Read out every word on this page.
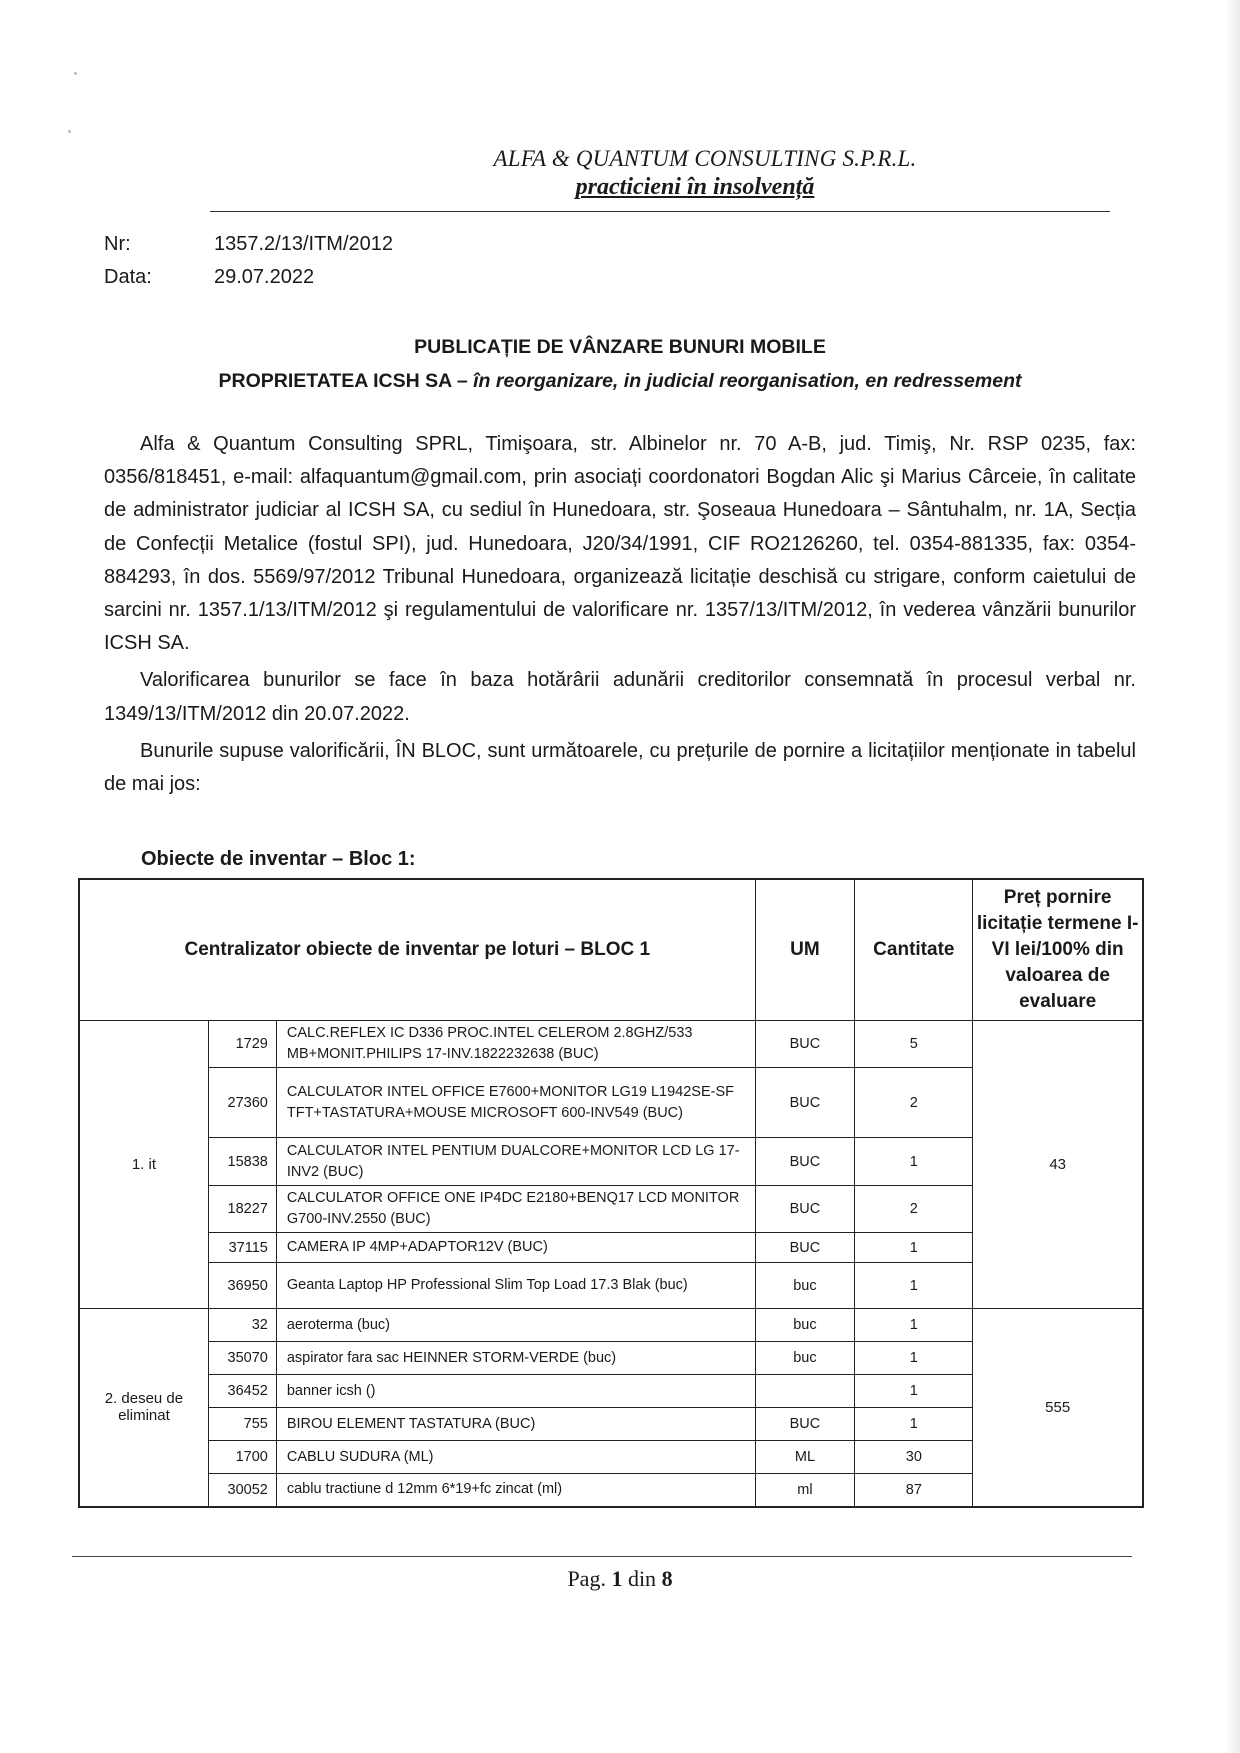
ALFA & QUANTUM CONSULTING S.P.R.L.
practicieni în insolvență
Nr:	1357.2/13/ITM/2012
Data:	29.07.2022
PUBLICAȚIE DE VÂNZARE BUNURI MOBILE
PROPRIETATEA ICSH SA – în reorganizare, in judicial reorganisation, en redressement

Alfa & Quantum Consulting SPRL, Timişoara, str. Albinelor nr. 70 A-B, jud. Timiş, Nr. RSP 0235, fax: 0356/818451, e-mail: alfaquantum@gmail.com, prin asociați coordonatori Bogdan Alic şi Marius Cârceie, în calitate de administrator judiciar al ICSH SA, cu sediul în Hunedoara, str. Şoseaua Hunedoara – Sântuhalm, nr. 1A, Secția de Confecții Metalice (fostul SPI), jud. Hunedoara, J20/34/1991, CIF RO2126260, tel. 0354-881335, fax: 0354-884293, în dos. 5569/97/2012 Tribunal Hunedoara, organizează licitație deschisă cu strigare, conform caietului de sarcini nr. 1357.1/13/ITM/2012 şi regulamentului de valorificare nr. 1357/13/ITM/2012, în vederea vânzării bunurilor ICSH SA.

Valorificarea bunurilor se face în baza hotărârii adunării creditorilor consemnată în procesul verbal nr. 1349/13/ITM/2012 din 20.07.2022.

Bunurile supuse valorificării, ÎN BLOC, sunt următoarele, cu prețurile de pornire a licitațiilor menționate in tabelul de mai jos:

Obiecte de inventar – Bloc 1:
Centralizator obiecte de inventar pe loturi – BLOC 1			UM	Cantitate	Preț pornire licitație termene I-VI lei/100% din valoarea de evaluare
1. it	1729	CALC.REFLEX IC D336 PROC.INTEL CELEROM 2.8GHZ/533 MB+MONIT.PHILIPS 17-INV.1822232638 (BUC)	BUC	5	43
	27360	CALCULATOR INTEL OFFICE E7600+MONITOR LG19 L1942SE-SF TFT+TASTATURA+MOUSE MICROSOFT 600-INV549 (BUC)	BUC	2	
	15838	CALCULATOR INTEL PENTIUM DUALCORE+MONITOR LCD LG 17-INV2 (BUC)	BUC	1	
	18227	CALCULATOR OFFICE ONE IP4DC E2180+BENQ17 LCD MONITOR G700-INV.2550 (BUC)	BUC	2	
	37115	CAMERA IP 4MP+ADAPTOR12V (BUC)	BUC	1	
	36950	Geanta Laptop HP Professional Slim Top Load 17.3 Blak (buc)	buc	1	
2. deseu de eliminat	32	aeroterma (buc)	buc	1	555
	35070	aspirator fara sac HEINNER STORM-VERDE (buc)	buc	1	
	36452	banner icsh ()		1	
	755	BIROU ELEMENT TASTATURA (BUC)	BUC	1	
	1700	CABLU SUDURA (ML)	ML	30	
	30052	cablu tractiune d 12mm 6*19+fc zincat (ml)	ml	87	
Pag. 1 din 8
